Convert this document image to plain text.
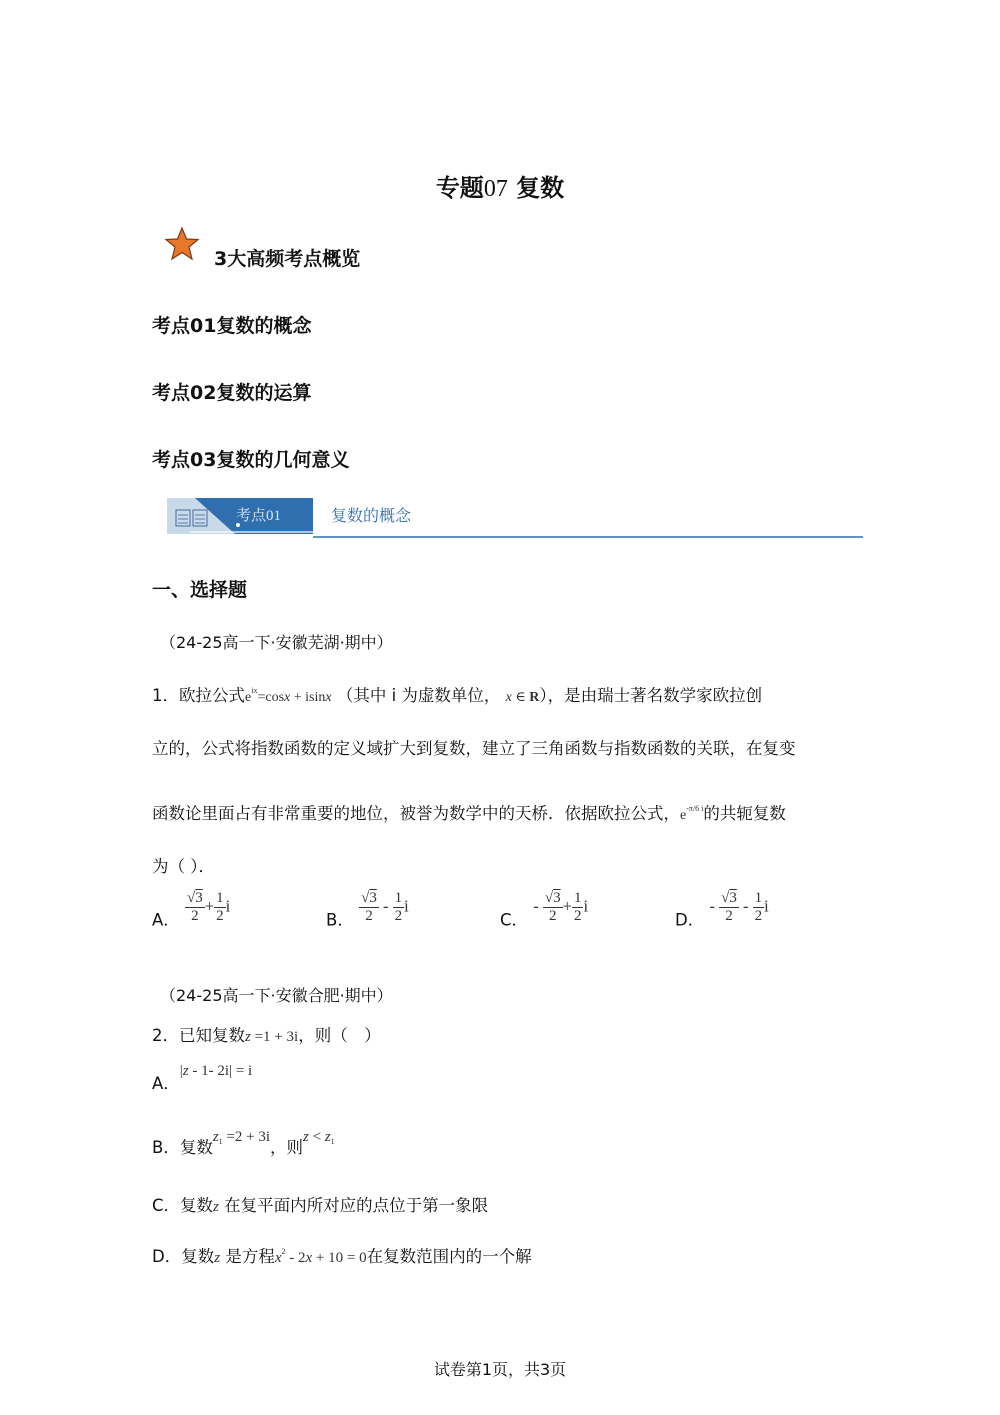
专题07 复数
3大高频考点概览
考点01复数的概念
考点02复数的运算
考点03复数的几何意义
考点01	复数的概念
一、选择题
（24-25高一下·安徽芜湖·期中）
1．欧拉公式$e^{ix}=\cos x + isinx$ （其中 i 为虚数单位， x ∈ R），是由瑞士著名数学家欧拉创
立的，公式将指数函数的定义域扩大到复数，建立了三角函数与指数函数的关联，在复变
函数论里面占有非常重要的地位，被誉为数学中的天桥．依据欧拉公式，$e^{-\pi/6 i}$的共轭复数
为（ ）．
A． $\frac{√3}{2} + \frac{1}{2}$ i
B． $\frac{√3}{2} - \frac{1}{2}$ i
C． - $\frac{√3}{2} + \frac{1}{2}$ i
D． - $\frac{√3}{2} - \frac{1}{2}$ i
（24-25高一下·安徽合肥·期中）
2．已知复数z =1 + 3i，则（　）
A．|z - 1- 2i| = i
B．复数$z_1 =2 + 3i$，则$z < z_1$
C．复数z 在复平面内所对应的点位于第一象限
D．复数z 是方程$x^2 - 2x + 10 = 0$在复数范围内的一个解
试卷第1页，共3页
